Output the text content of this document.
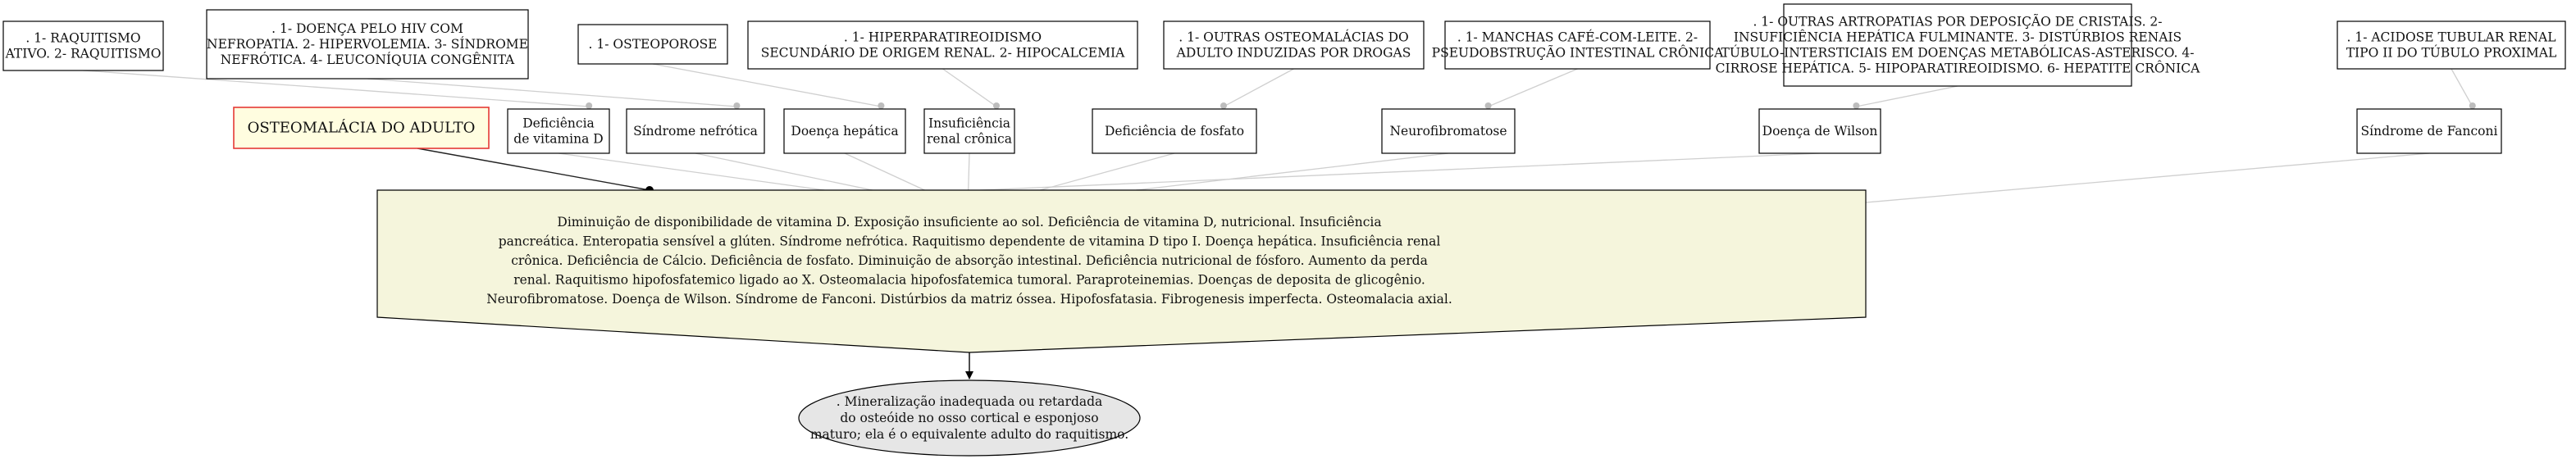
. 1- RAQUITISMO
ATIVO. 2- RAQUITISMO
. 1- DOENÇA PELO HIV COM
NEFROPATIA. 2- HIPERVOLEMIA. 3- SÍNDROME
NEFRÓTICA. 4- LEUCONÍQUIA CONGÊNITA
. 1- OSTEOPOROSE	. 1- HIPERPARATIREOIDISMO
SECUNDÁRIO DE ORIGEM RENAL. 2- HIPOCALCEMIA
. 1- OUTRAS OSTEOMALÁCIAS DO
ADULTO INDUZIDAS POR DROGAS
. 1- MANCHAS CAFÉ-COM-LEITE. 2-
PSEUDOBSTRUÇÃO INTESTINAL CRÔNICA
. 1- OUTRAS ARTROPATIAS POR DEPOSIÇÃO DE CRISTAIS. 2-
INSUFICIÊNCIA HEPÁTICA FULMINANTE. 3- DISTÚRBIOS RENAIS
TÚBULO-INTERSTICIAIS EM DOENÇAS METABÓLICAS-ASTERISCO. 4-
CIRROSE HEPÁTICA. 5- HIPOPARATIREOIDISMO. 6- HEPATITE CRÔNICA
. 1- ACIDOSE TUBULAR RENAL
TIPO II DO TÚBULO PROXIMAL
Deficiência
de vitamina D
Síndrome nefrótica	Doença hepática
Insuficiência
renal crônica
Deficiência de fosfato	Neurofibromatose	Doença de Wilson	Síndrome de Fanconi
OSTEOMALÁCIA DO ADULTO
Diminuição de disponibilidade de vitamina D. Exposição insuficiente ao sol. Deficiência de vitamina D, nutricional. Insuficiência
pancreática. Enteropatia sensível a glúten. Síndrome nefrótica. Raquitismo dependente de vitamina D tipo I. Doença hepática. Insuficiência renal
crônica. Deficiência de Cálcio. Deficiência de fosfato. Diminuição de absorção intestinal. Deficiência nutricional de fósforo. Aumento da perda
renal. Raquitismo hipofosfatemico ligado ao X. Osteomalacia hipofosfatemica tumoral. Paraproteinemias. Doenças de deposita de glicogênio.
Neurofibromatose. Doença de Wilson. Síndrome de Fanconi. Distúrbios da matriz óssea. Hipofosfatasia. Fibrogenesis imperfecta. Osteomalacia axial.
. Mineralização inadequada ou retardada
do osteóide no osso cortical e esponjoso
maturo; ela é o equivalente adulto do raquitismo.
